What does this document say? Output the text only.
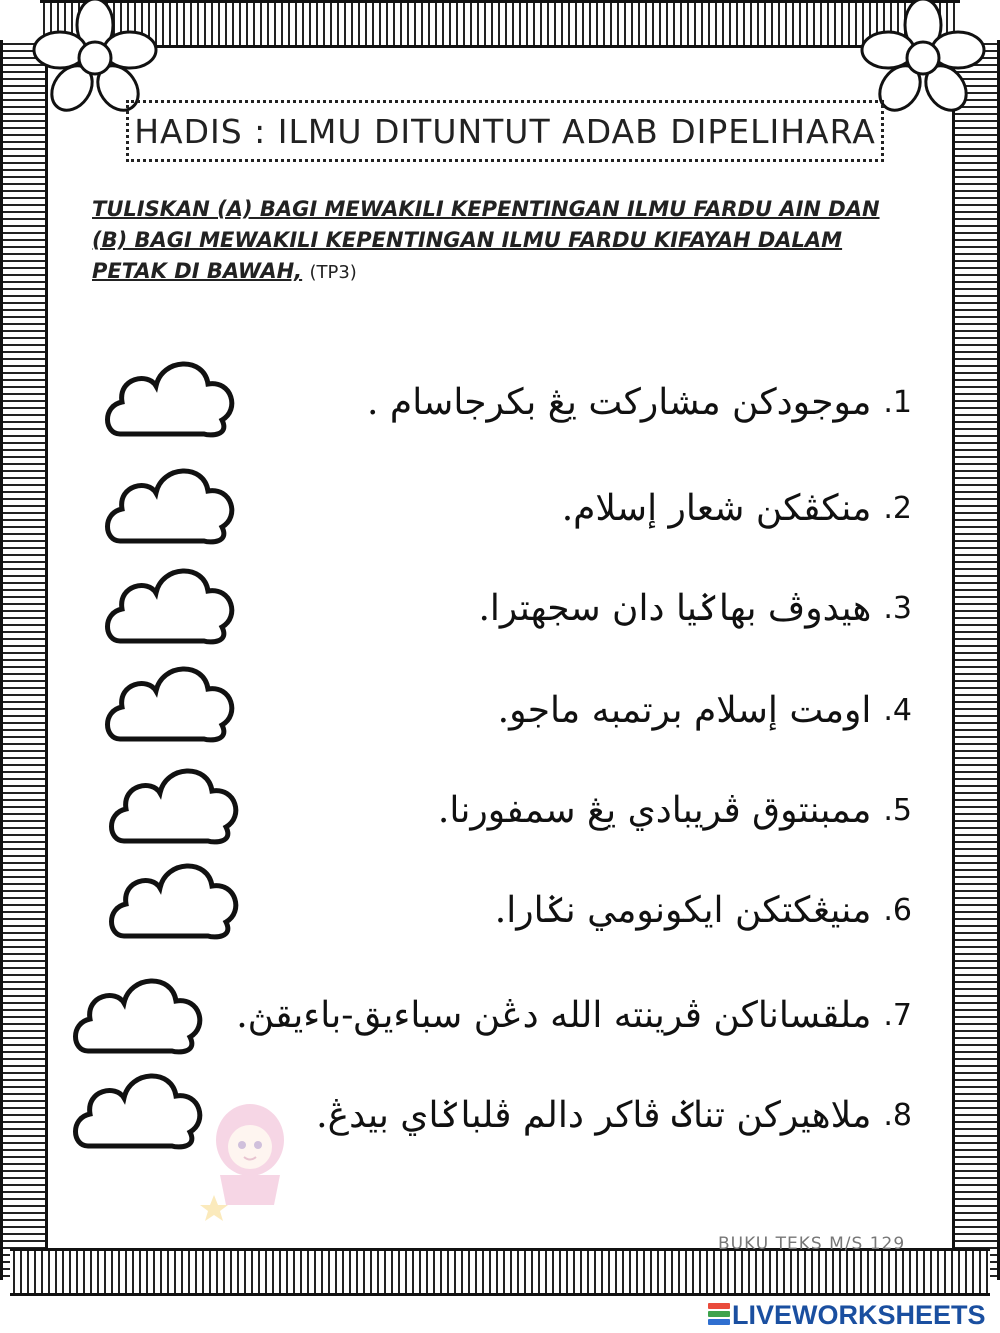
HADIS : ILMU DITUNTUT ADAB DIPELIHARA
TULISKAN (A) BAGI MEWAKILI KEPENTINGAN ILMU FARDU AIN DAN
(B) BAGI MEWAKILI KEPENTINGAN ILMU FARDU KIFAYAH DALAM
PETAK DI BAWAH, (TP3)
موجودكن مشاركت يڠ بكرجاسام . .1
منكڤكن شعار إسلام. .2
هيدوڤ بهاݢيا دان سجهترا. .3
اومت إسلام برتمبه ماجو. .4
ممبنتوق ڤريبادي يڠ سمفورنا. .5
منيڠكتكن ايكونومي نݢارا. .6
ملقساناكن ڤرينته الله دڠن سباءيق-باءيقڽ. .7
ملاهيركن تناݢ ڤاكر دالم ڤلباݢاي بيدڠ. .8
BUKU TEKS M/S 129
LIVEWORKSHEETS
